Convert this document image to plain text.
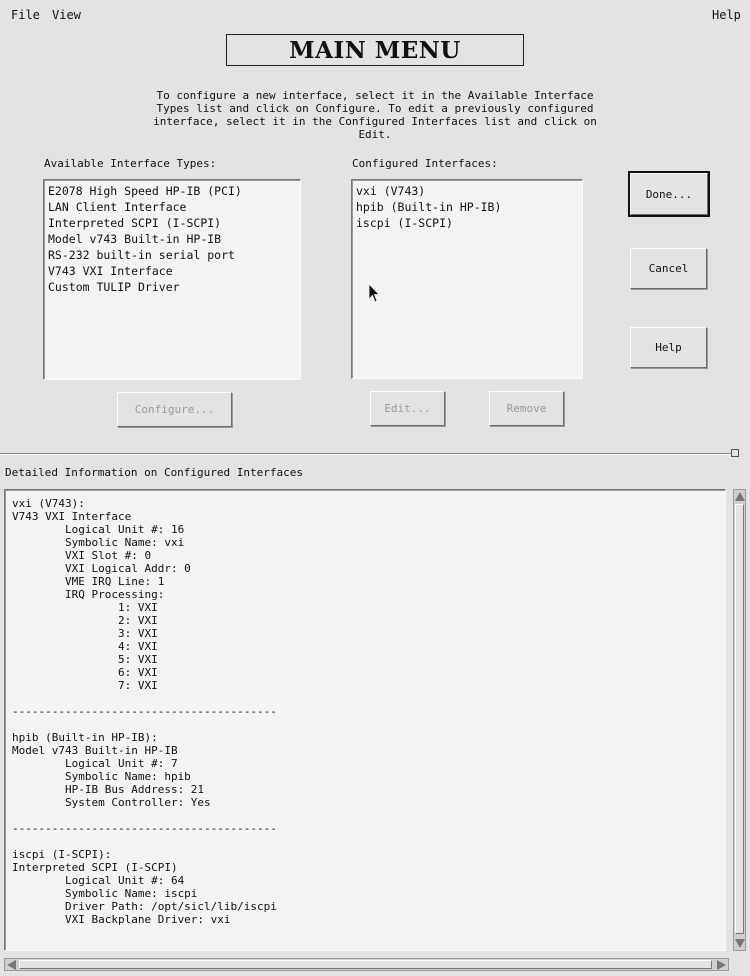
File View	Help
MAIN MENU
To configure a new interface, select it in the Available Interface
Types list and click on Configure. To edit a previously configured
interface, select it in the Configured Interfaces list and click on Edit.
Available Interface Types:
E2078 High Speed HP-IB (PCI)
LAN Client Interface
Interpreted SCPI (I-SCPI)
Model v743 Built-in HP-IB
RS-232 built-in serial port
V743 VXI Interface
Custom TULIP Driver
Configured Interfaces:
vxi (V743)
hpib (Built-in HP-IB)
iscpi (I-SCPI)
Configure...	Edit...	Remove
Done...
Cancel
Help
Detailed Information on Configured Interfaces
vxi (V743):
V743 VXI Interface
Logical Unit #: 16
Symbolic Name: vxi
VXI Slot #: 0
VXI Logical Addr: 0
VME IRQ Line: 1
IRQ Processing:
1: VXI
2: VXI
3: VXI
4: VXI
5: VXI
6: VXI
7: VXI

----------------------------------------

hpib (Built-in HP-IB):
Model v743 Built-in HP-IB
Logical Unit #: 7
Symbolic Name: hpib
HP-IB Bus Address: 21
System Controller: Yes

----------------------------------------

iscpi (I-SCPI):
Interpreted SCPI (I-SCPI)
Logical Unit #: 64
Symbolic Name: iscpi
Driver Path: /opt/sicl/lib/iscpi
VXI Backplane Driver: vxi
